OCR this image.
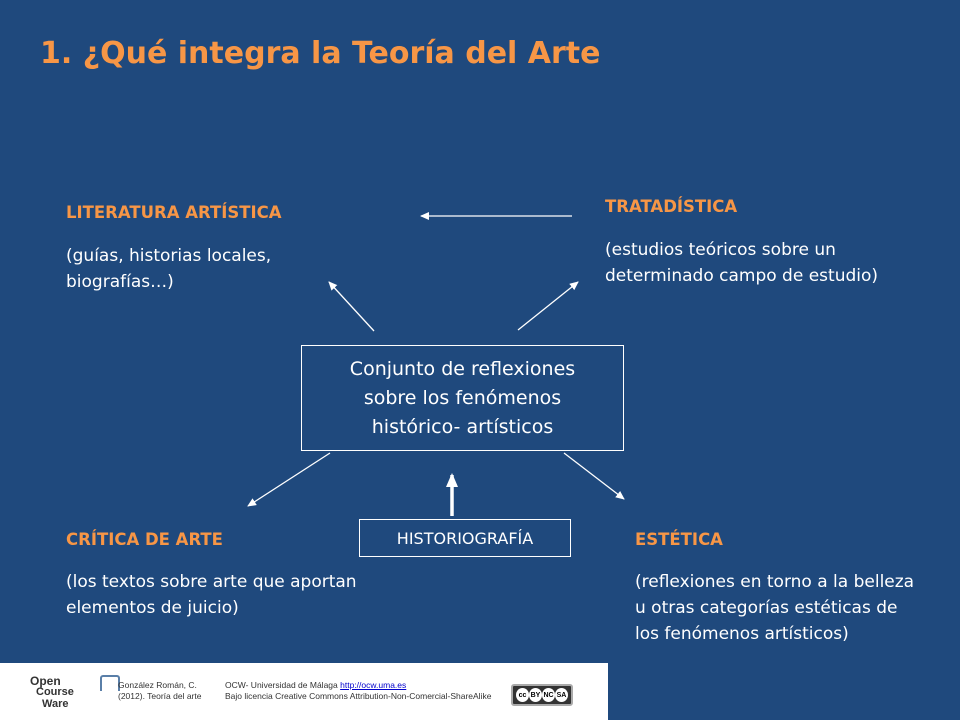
1. ¿Qué integra la Teoría del Arte
LITERATURA ARTÍSTICA
(guías, historias locales, biografías…)
TRATADÍSTICA
(estudios teóricos sobre un determinado campo de estudio)
Conjunto de reflexiones sobre los fenómenos histórico- artísticos
CRÍTICA DE ARTE
(los textos sobre arte que aportan elementos de juicio)
HISTORIOGRAFÍA	ESTÉTICA
(reflexiones en torno a la belleza u otras categorías estéticas de los fenómenos artísticos)
Open
Course
Ware
González Román, C.
(2012). Teoría del arte
OCW- Universidad de Málaga http://ocw.uma.es
Bajo licencia Creative Commons Attribution-Non-Comercial-ShareAlike	cc BY NC SA
